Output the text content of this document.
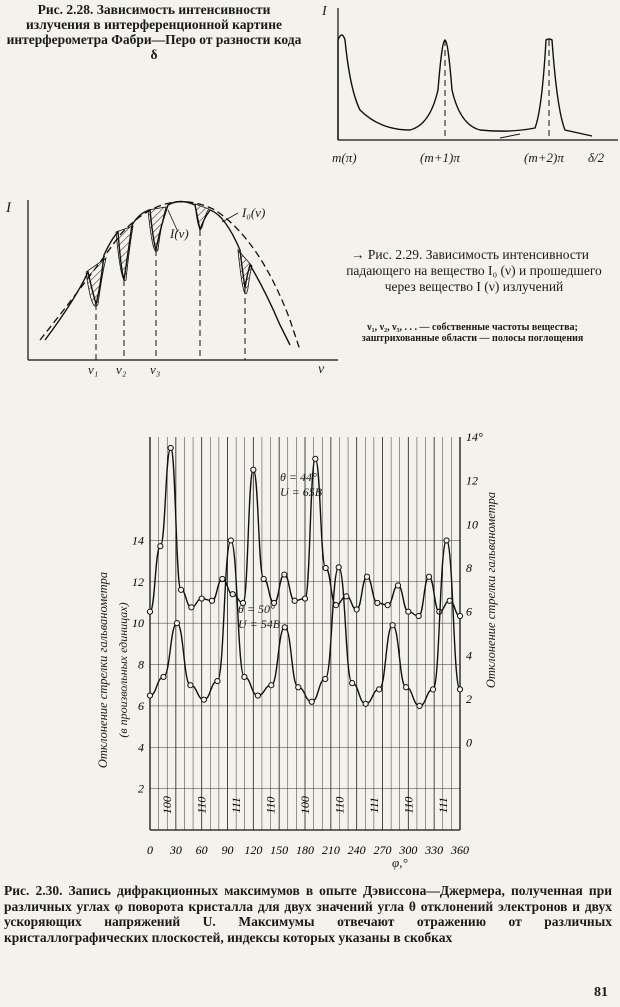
Рис. 2.28. Зависимость интенсивности излучения в интерференционной картине интерферометра Фабри—Перо от разности кода δ
I
m(π)	(m+1)π	(m+2)π δ/2
I
ν
I₀(ν)
I(ν)
ν₁ ν₂ ν₃
→ Рис. 2.29. Зависимость интенсивности падающего на вещество I₀ (ν) и прошедшего через вещество I (ν) излучений
ν₁, ν₂, ν₃, . . . — собственные частоты вещества; заштрихованные области — полосы поглощения
0 30 60 90 120 150 180 210 240 270 300 330 360
2
4
6
8
10
12
14
0
2
4
6
8
10
12
14°
100 110 111 110 100 110 111 110 111
Отклонение стрелки гальванометра (в произвольных единицах)	Отклонение стрелки гальванометра
θ = 44°
U = 65B
θ = 50°
U = 54B
φ,°
Рис. 2.30. Запись дифракционных максимумов в опыте Дэвиссона—Джермера, полученная при различных углах φ поворота кристалла для двух значений угла θ отклонений электронов и двух ускоряющих напряжений U. Максимумы отвечают отражению от различных кристаллографических плоскостей, индексы которых указаны в скобках
81
